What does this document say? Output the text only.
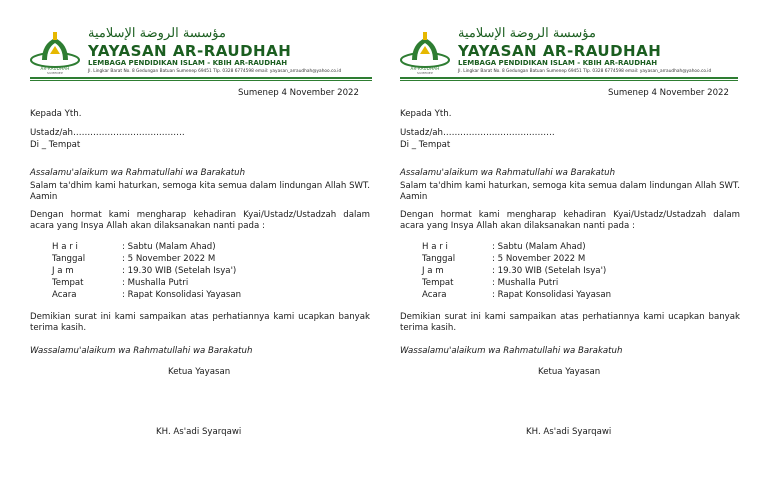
AR-RAUDHAH
SUMENEP
مؤسسة الروضة الإسلامية
YAYASAN AR-RAUDHAH
LEMBAGA PENDIDIKAN ISLAM - KBIH AR-RAUDHAH
Jl. Lingkar Barat No. 8 Gedungan Batuan Sumenep 69451 Tlp. 0328 6774598 email: yayasan_arraudhah@yahoo.co.id
Sumenep 4 November 2022
Kepada Yth.
Ustadz/ah…………………………………
Di _ Tempat
Assalamu'alaikum wa Rahmatullahi wa Barakatuh
Salam ta'dhim kami haturkan, semoga kita semua dalam lindungan Allah SWT. Aamin
Dengan hormat kami mengharap kehadiran Kyai/Ustadz/Ustadzah dalam acara yang Insya Allah akan dilaksanakan nanti pada :
H a r i	: Sabtu (Malam Ahad)
Tanggal	: 5 November 2022 M
J a m	: 19.30 WIB (Setelah Isya')
Tempat	: Mushalla Putri
Acara	: Rapat Konsolidasi Yayasan
Demikian surat ini kami sampaikan atas perhatiannya kami ucapkan banyak terima kasih.
Wassalamu'alaikum wa Rahmatullahi wa Barakatuh
Ketua Yayasan
KH. As'adi Syarqawi
AR-RAUDHAH
SUMENEP
مؤسسة الروضة الإسلامية
YAYASAN AR-RAUDHAH
LEMBAGA PENDIDIKAN ISLAM - KBIH AR-RAUDHAH
Jl. Lingkar Barat No. 8 Gedungan Batuan Sumenep 69451 Tlp. 0328 6774598 email: yayasan_arraudhah@yahoo.co.id
Sumenep 4 November 2022
Kepada Yth.
Ustadz/ah…………………………………
Di _ Tempat
Assalamu'alaikum wa Rahmatullahi wa Barakatuh
Salam ta'dhim kami haturkan, semoga kita semua dalam lindungan Allah SWT. Aamin
Dengan hormat kami mengharap kehadiran Kyai/Ustadz/Ustadzah dalam acara yang Insya Allah akan dilaksanakan nanti pada :
H a r i	: Sabtu (Malam Ahad)
Tanggal	: 5 November 2022 M
J a m	: 19.30 WIB (Setelah Isya')
Tempat	: Mushalla Putri
Acara	: Rapat Konsolidasi Yayasan
Demikian surat ini kami sampaikan atas perhatiannya kami ucapkan banyak terima kasih.
Wassalamu'alaikum wa Rahmatullahi wa Barakatuh
Ketua Yayasan
KH. As'adi Syarqawi
